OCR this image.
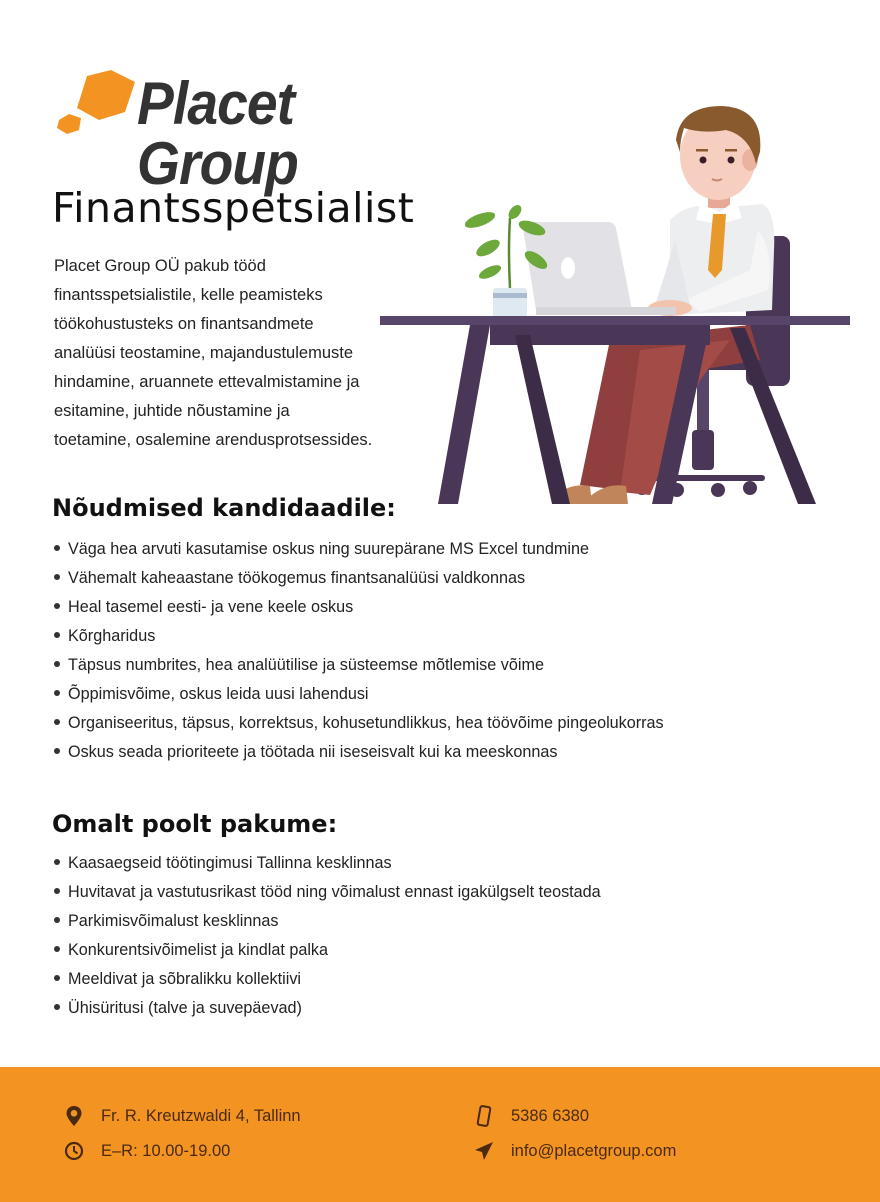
Placet Group
Finantsspetsialist
Placet Group OÜ pakub tööd
finantsspetsialistile, kelle peamisteks
töökohustusteks on finantsandmete
analüüsi teostamine, majandustulemuste
hindamine, aruannete ettevalmistamine ja
esitamine, juhtide nõustamine ja
toetamine, osalemine arendusprotsessides.
Nõudmised kandidaadile:
Väga hea arvuti kasutamise oskus ning suurepärane MS Excel tundmine
Vähemalt kaheaastane töökogemus finantsanalüüsi valdkonnas
Heal tasemel eesti- ja vene keele oskus
Kõrgharidus
Täpsus numbrites, hea analüütilise ja süsteemse mõtlemise võime
Õppimisvõime, oskus leida uusi lahendusi
Organiseeritus, täpsus, korrektsus, kohusetundlikkus, hea töövõime pingeolukorras
Oskus seada prioriteete ja töötada nii iseseisvalt kui ka meeskonnas
Omalt poolt pakume:
Kaasaegseid töötingimusi Tallinna kesklinnas
Huvitavat ja vastutusrikast tööd ning võimalust ennast igakülgselt teostada
Parkimisvõimalust kesklinnas
Konkurentsivõimelist ja kindlat palka
Meeldivat ja sõbralikku kollektiivi
Ühisüritusi (talve ja suvepäevad)
Fr. R. Kreutzwaldi 4, Tallinn
E–R: 10.00-19.00
5386 6380
info@placetgroup.com
